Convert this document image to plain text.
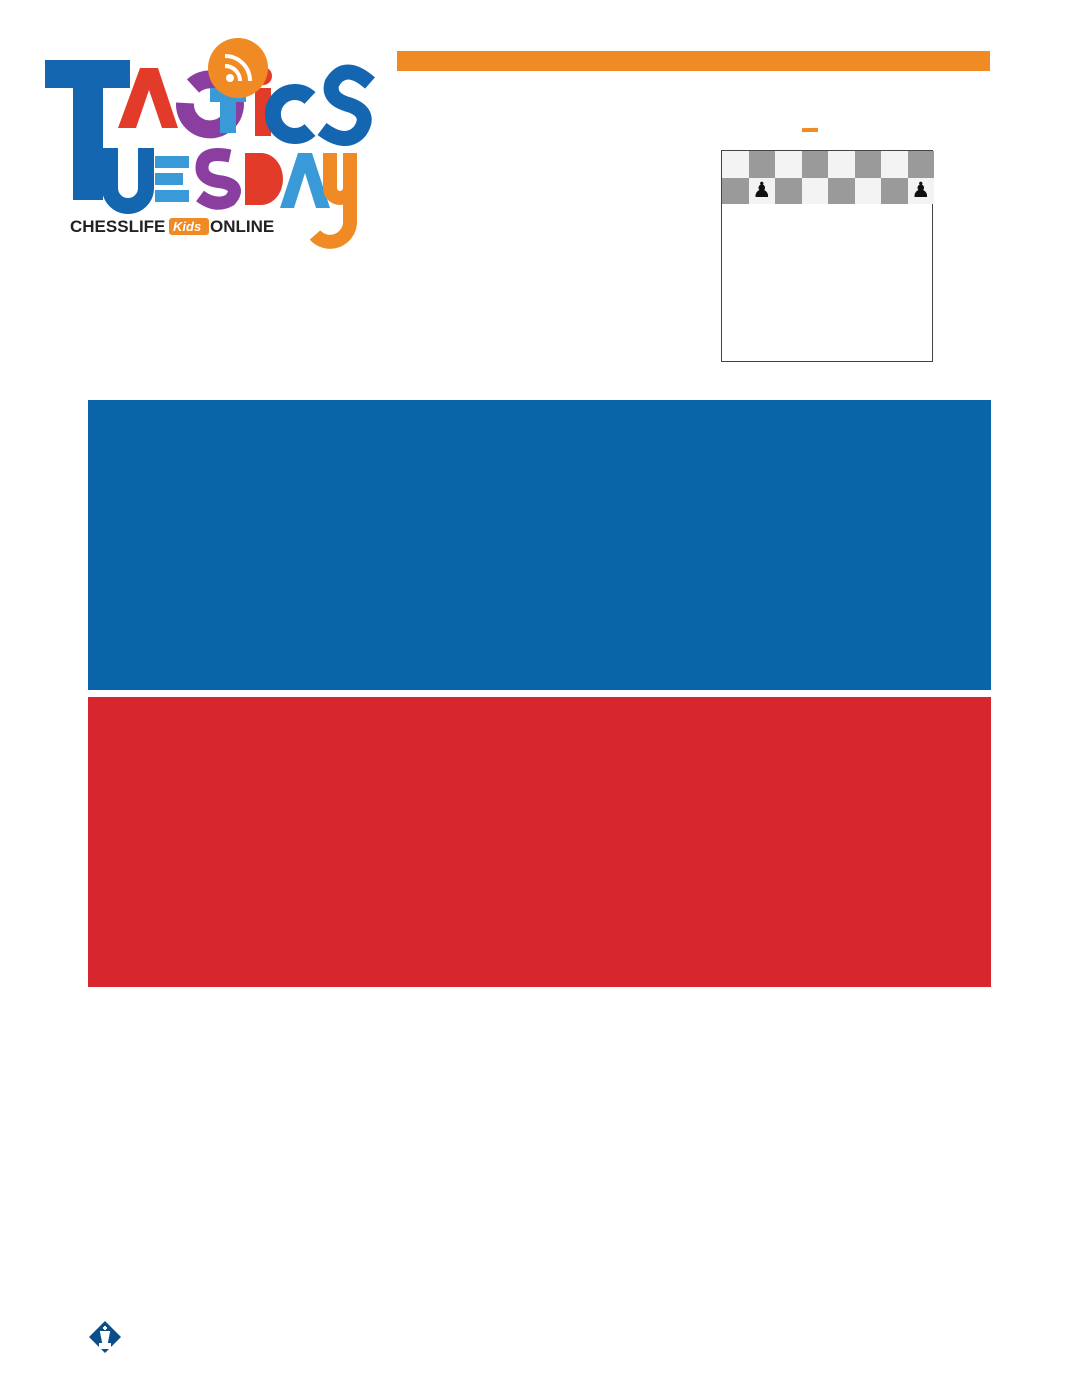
CHESSLIFE Kids ONLINE

♟	♟
